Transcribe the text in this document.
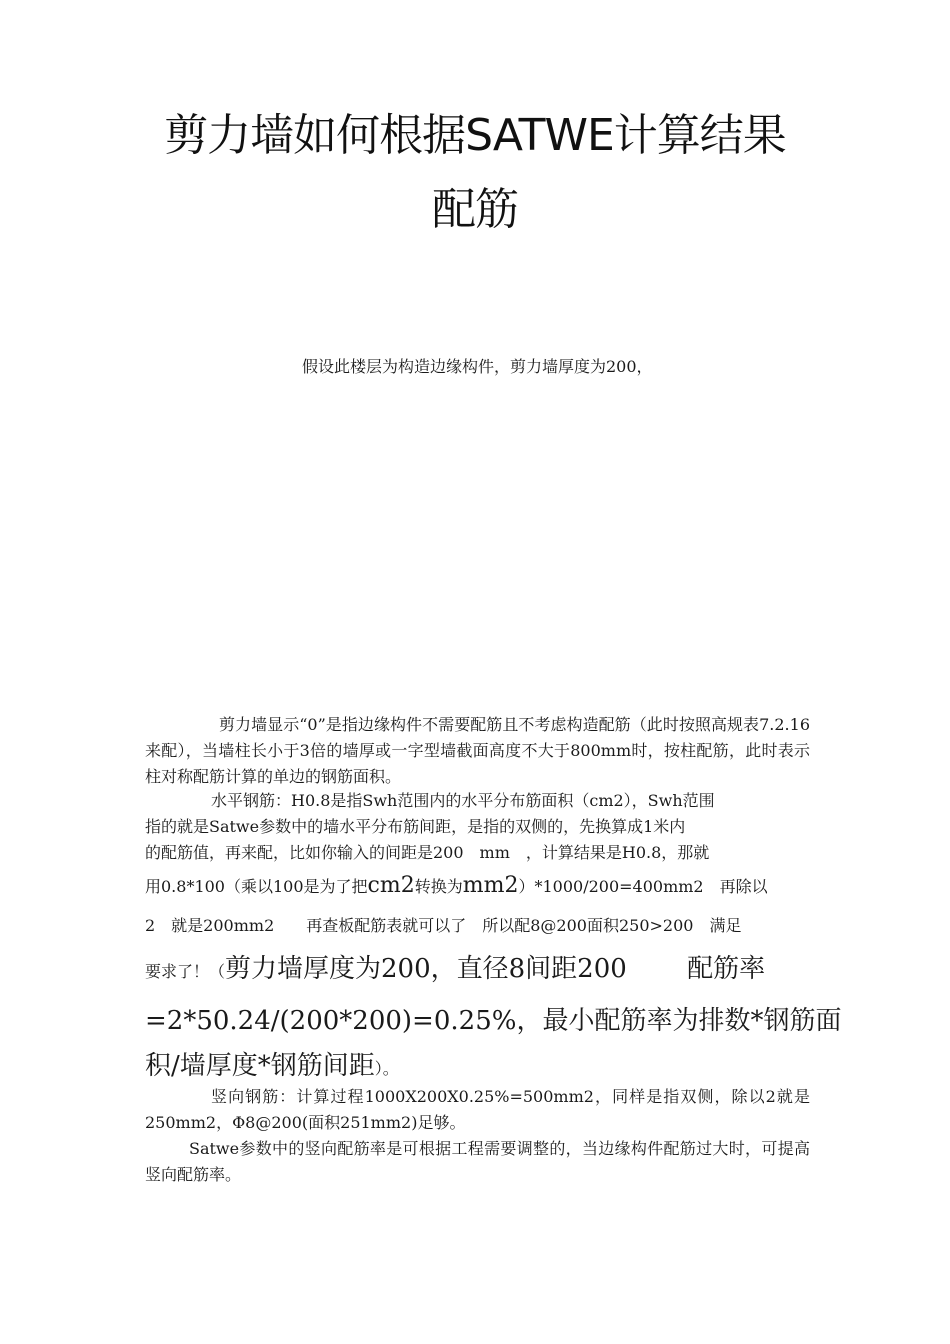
剪力墙如何根据SATWE计算结果
配筋

假设此楼层为构造边缘构件，剪力墙厚度为200，

剪力墙显示“0”是指边缘构件不需要配筋且不考虑构造配筋（此时按照高规表7.2.16来配），当墙柱长小于3倍的墙厚或一字型墙截面高度不大于800mm时，按柱配筋，此时表示柱对称配筋计算的单边的钢筋面积。

水平钢筋：H0.8是指Swh范围内的水平分布筋面积（cm2），Swh范围
指的就是Satwe参数中的墙水平分布筋间距，是指的双侧的，先换算成1米内
的配筋值，再来配，比如你输入的间距是200　mm　，计算结果是H0.8，那就
用0.8*100（乘以100是为了把cm2转换为mm2）*1000/200=400mm2　再除以
2　就是200mm2　　再查板配筋表就可以了　所以配8@200面积250>200　满足
要求了！（剪力墙厚度为200，直径8间距200　　 配筋率
=2*50.24/(200*200)=0.25%，最小配筋率为排数*钢筋面
积/墙厚度*钢筋间距）。

竖向钢筋：计算过程1000X200X0.25%=500mm2，同样是指双侧，除以2就是250mm2，Φ8@200(面积251mm2)足够。

Satwe参数中的竖向配筋率是可根据工程需要调整的，当边缘构件配筋过大时，可提高竖向配筋率。
